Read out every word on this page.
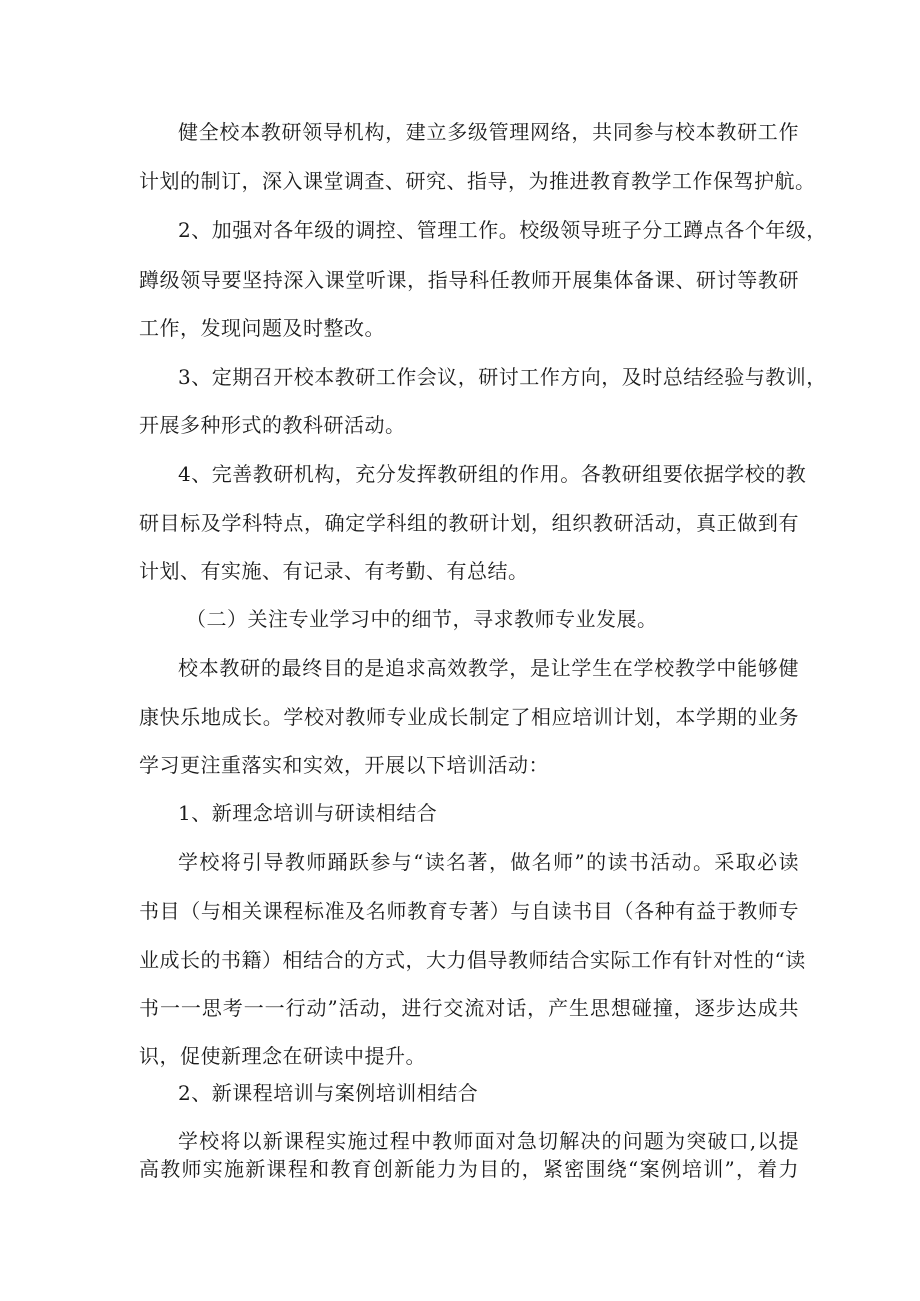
健全校本教研领导机构，建立多级管理网络，共同参与校本教研工作
计划的制订，深入课堂调查、研究、指导，为推进教育教学工作保驾护航。
2、加强对各年级的调控、管理工作。校级领导班子分工蹲点各个年级，
蹲级领导要坚持深入课堂听课，指导科任教师开展集体备课、研讨等教研
工作，发现问题及时整改。
3、定期召开校本教研工作会议，研讨工作方向，及时总结经验与教训，
开展多种形式的教科研活动。
4、完善教研机构，充分发挥教研组的作用。各教研组要依据学校的教
研目标及学科特点，确定学科组的教研计划，组织教研活动，真正做到有
计划、有实施、有记录、有考勤、有总结。
（二）关注专业学习中的细节，寻求教师专业发展。
校本教研的最终目的是追求高效教学，是让学生在学校教学中能够健
康快乐地成长。学校对教师专业成长制定了相应培训计划，本学期的业务
学习更注重落实和实效，开展以下培训活动：
1、新理念培训与研读相结合
学校将引导教师踊跃参与“读名著，做名师”的读书活动。采取必读
书目（与相关课程标准及名师教育专著）与自读书目（各种有益于教师专
业成长的书籍）相结合的方式，大力倡导教师结合实际工作有针对性的“读
书一一思考一一行动”活动，进行交流对话，产生思想碰撞，逐步达成共
识，促使新理念在研读中提升。
2、新课程培训与案例培训相结合
学校将以新课程实施过程中教师面对急切解决的问题为突破口,以提
高教师实施新课程和教育创新能力为目的，紧密围绕“案例培训”，着力
